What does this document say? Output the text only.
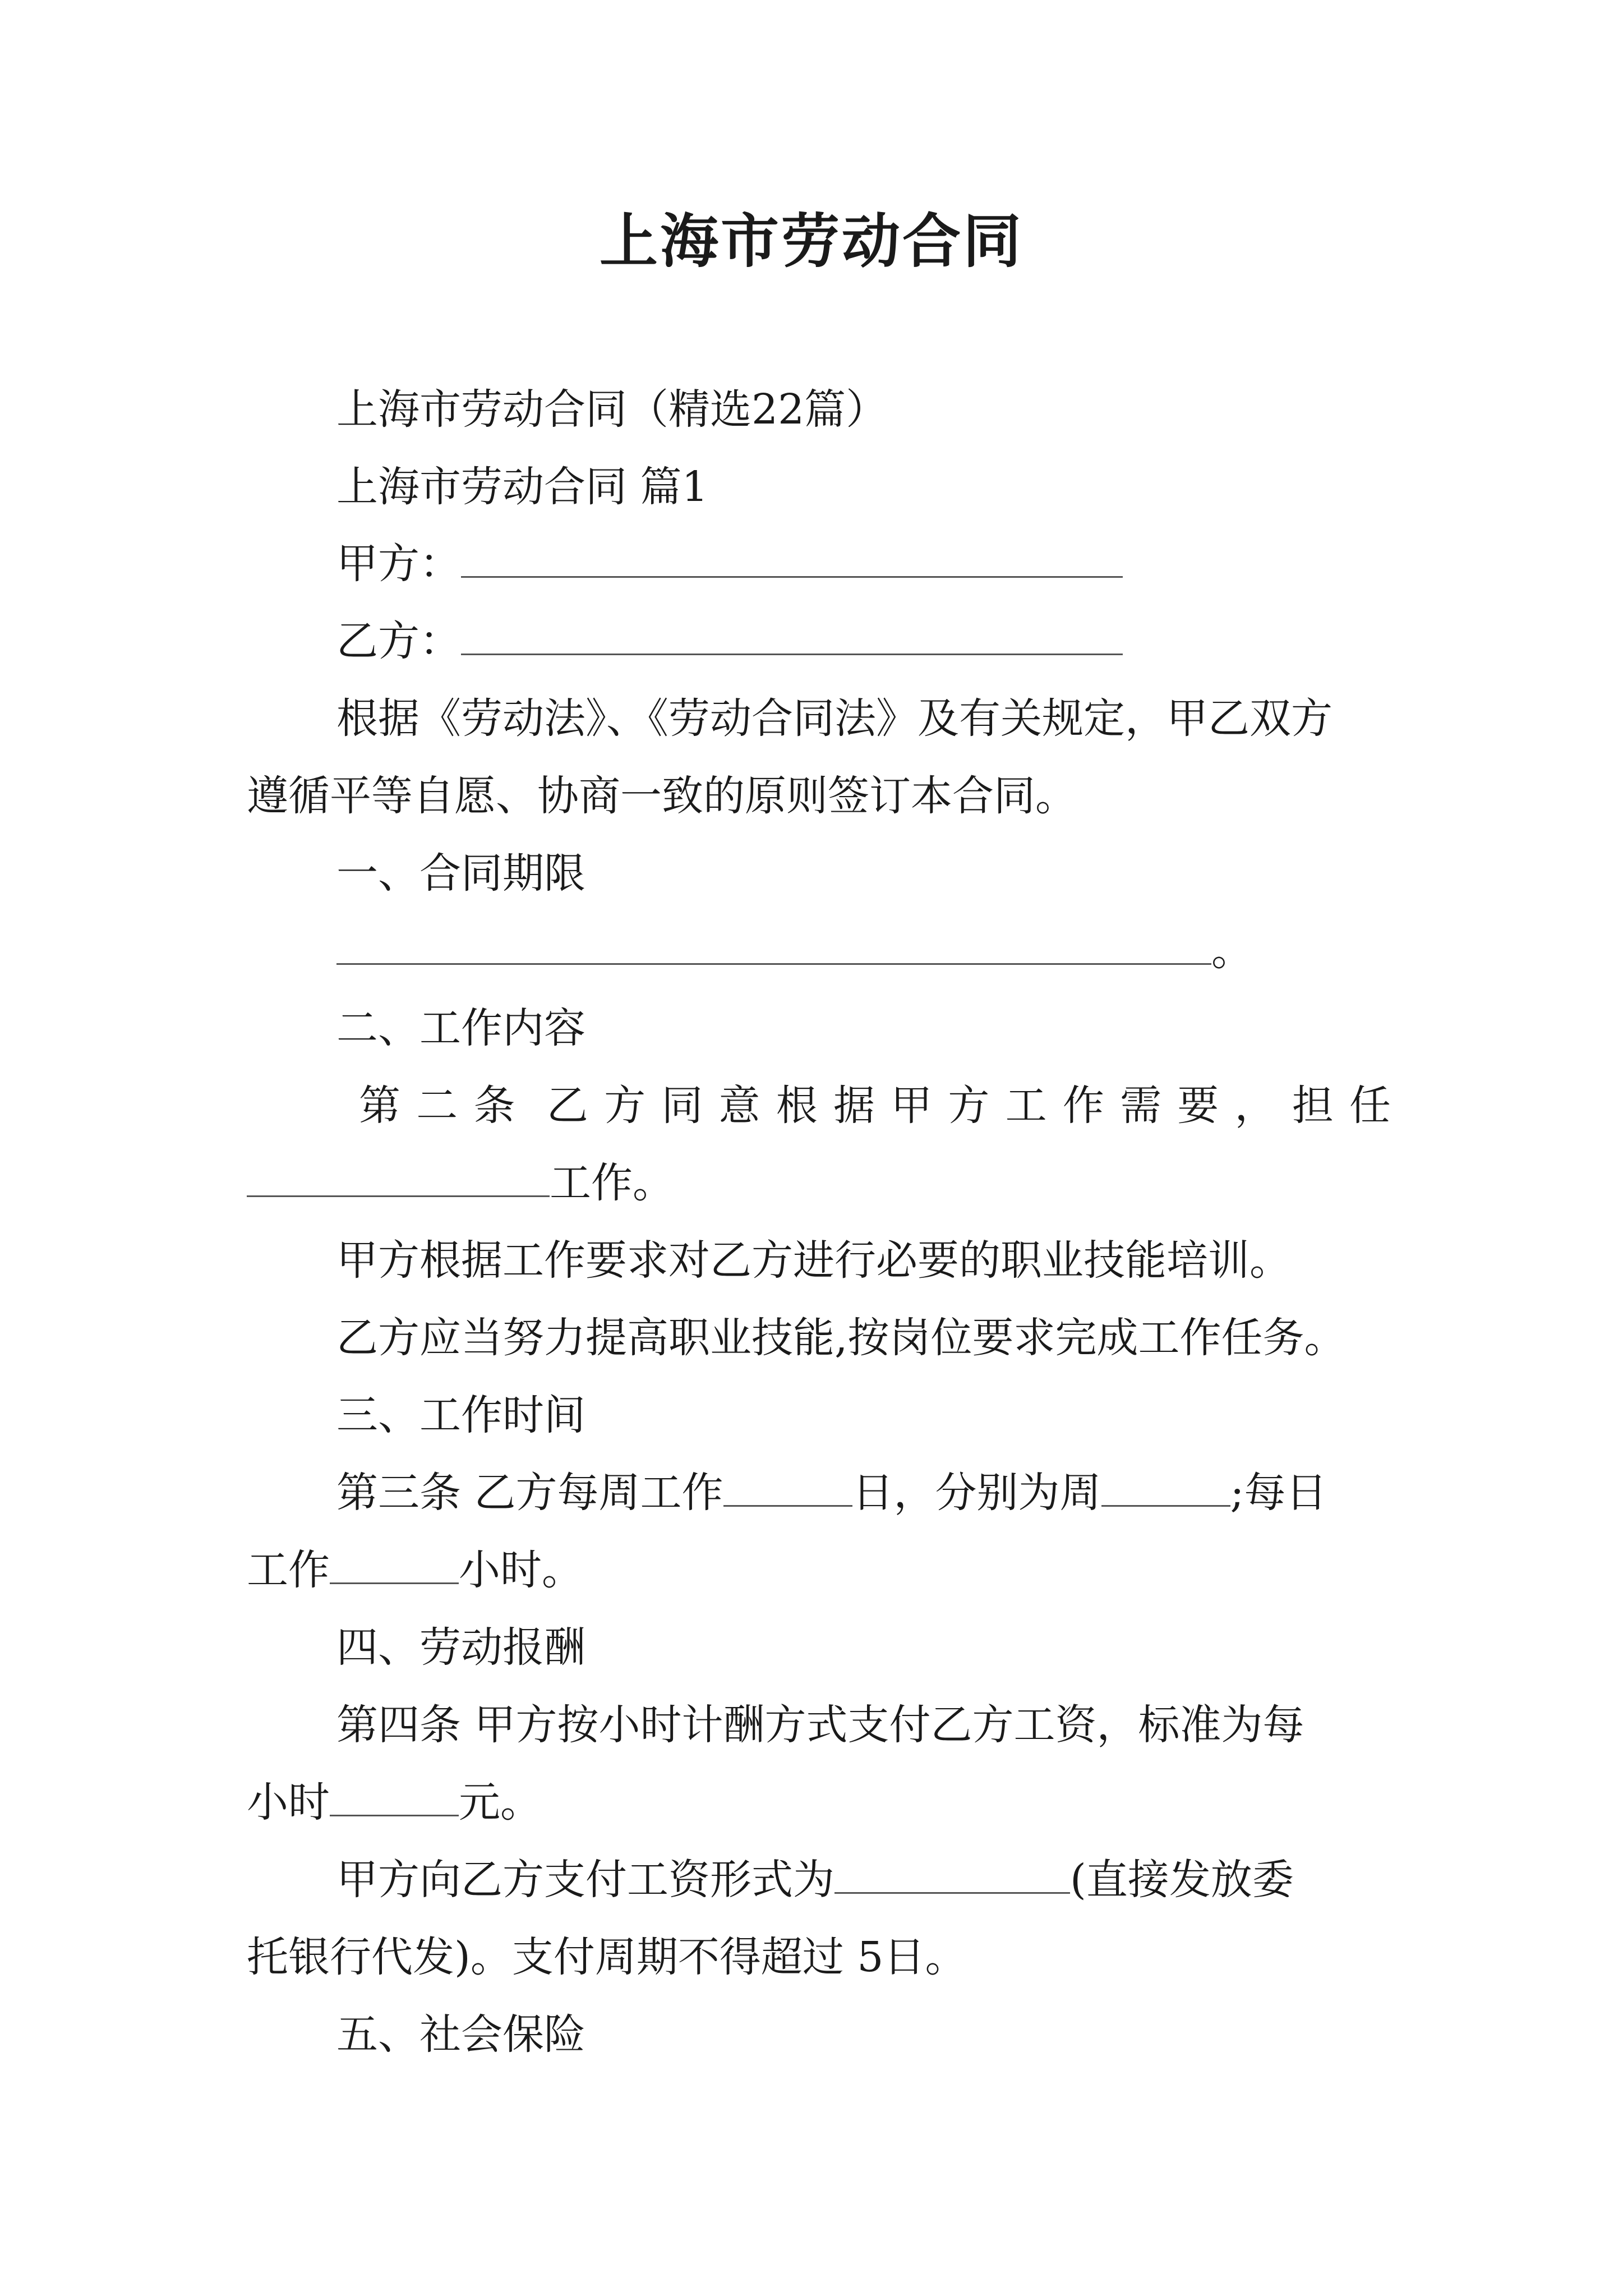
上海市劳动合同

上海市劳动合同（精选22篇）

上海市劳动合同 篇1

甲方：

乙方：

根据《劳动法》、《劳动合同法》及有关规定，甲乙双方

遵循平等自愿、协商一致的原则签订本合同。

一、合同期限

。

二、工作内容

第 二 条 乙 方 同 意 根 据 甲 方 工 作 需 要 ， 担 任

工作。

甲方根据工作要求对乙方进行必要的职业技能培训。

乙方应当努力提高职业技能,按岗位要求完成工作任务。

三、工作时间

第三条 乙方每周工作	日，分别为周	;每日

工作	小时。

四、劳动报酬

第四条 甲方按小时计酬方式支付乙方工资，标准为每

小时	元。

甲方向乙方支付工资形式为	(直接发放委

托银行代发)。支付周期不得超过 5日。

五、社会保险
